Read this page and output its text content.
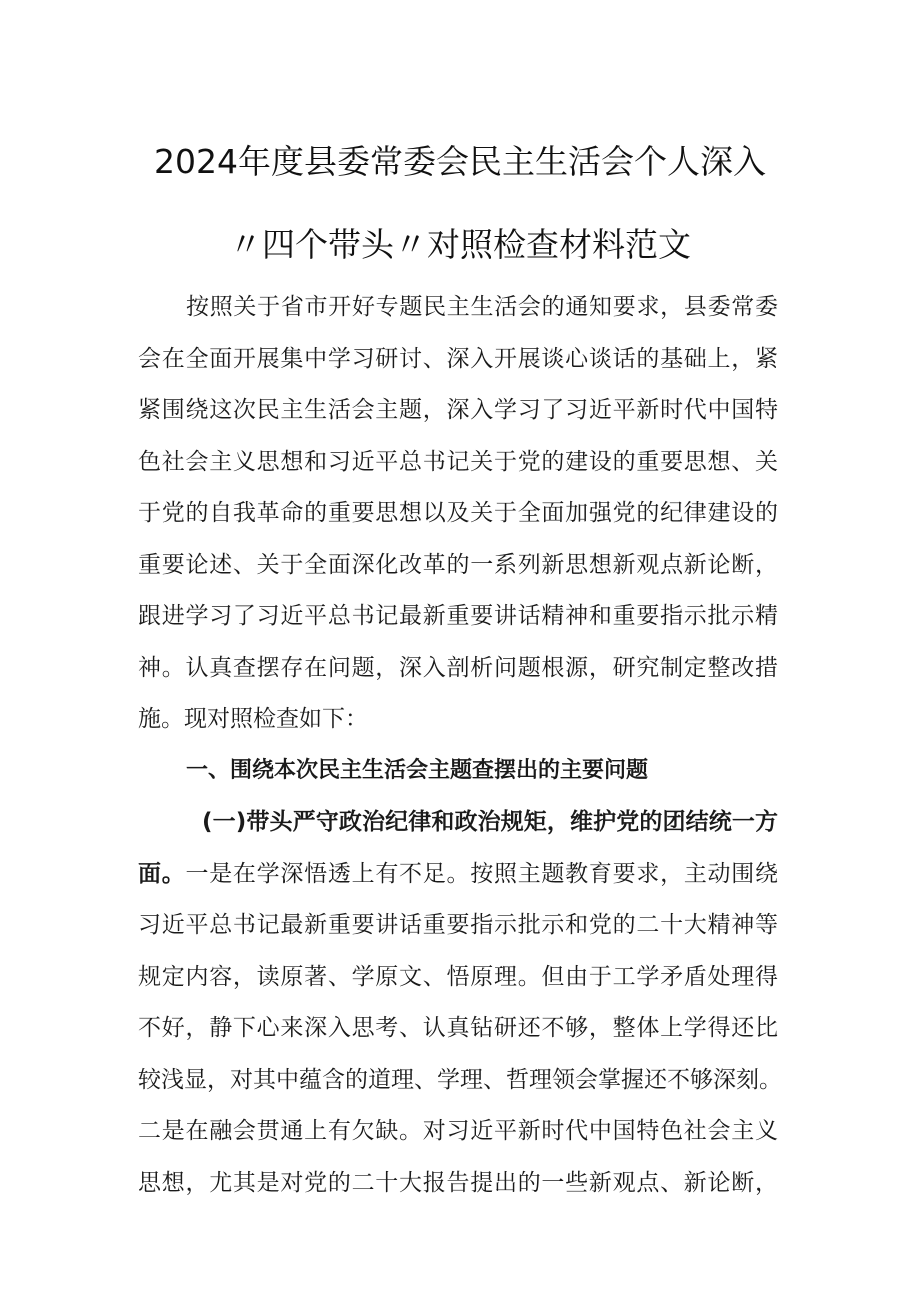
2024年度县委常委会民主生活会个人深入
〃四个带头〃对照检查材料范文

按照关于省市开好专题民主生活会的通知要求，县委常委

会在全面开展集中学习研讨、深入开展谈心谈话的基础上，紧

紧围绕这次民主生活会主题，深入学习了习近平新时代中国特

色社会主义思想和习近平总书记关于党的建设的重要思想、关

于党的自我革命的重要思想以及关于全面加强党的纪律建设的

重要论述、关于全面深化改革的一系列新思想新观点新论断，

跟进学习了习近平总书记最新重要讲话精神和重要指示批示精

神。认真查摆存在问题，深入剖析问题根源，研究制定整改措

施。现对照检查如下：

一、围绕本次民主生活会主题查摆出的主要问题

(一)带头严守政治纪律和政治规矩，维护党的团结统一方

面。一是在学深悟透上有不足。按照主题教育要求，主动围绕

习近平总书记最新重要讲话重要指示批示和党的二十大精神等

规定内容，读原著、学原文、悟原理。但由于工学矛盾处理得

不好，静下心来深入思考、认真钻研还不够，整体上学得还比

较浅显，对其中蕴含的道理、学理、哲理领会掌握还不够深刻。

二是在融会贯通上有欠缺。对习近平新时代中国特色社会主义

思想，尤其是对党的二十大报告提出的一些新观点、新论断，
